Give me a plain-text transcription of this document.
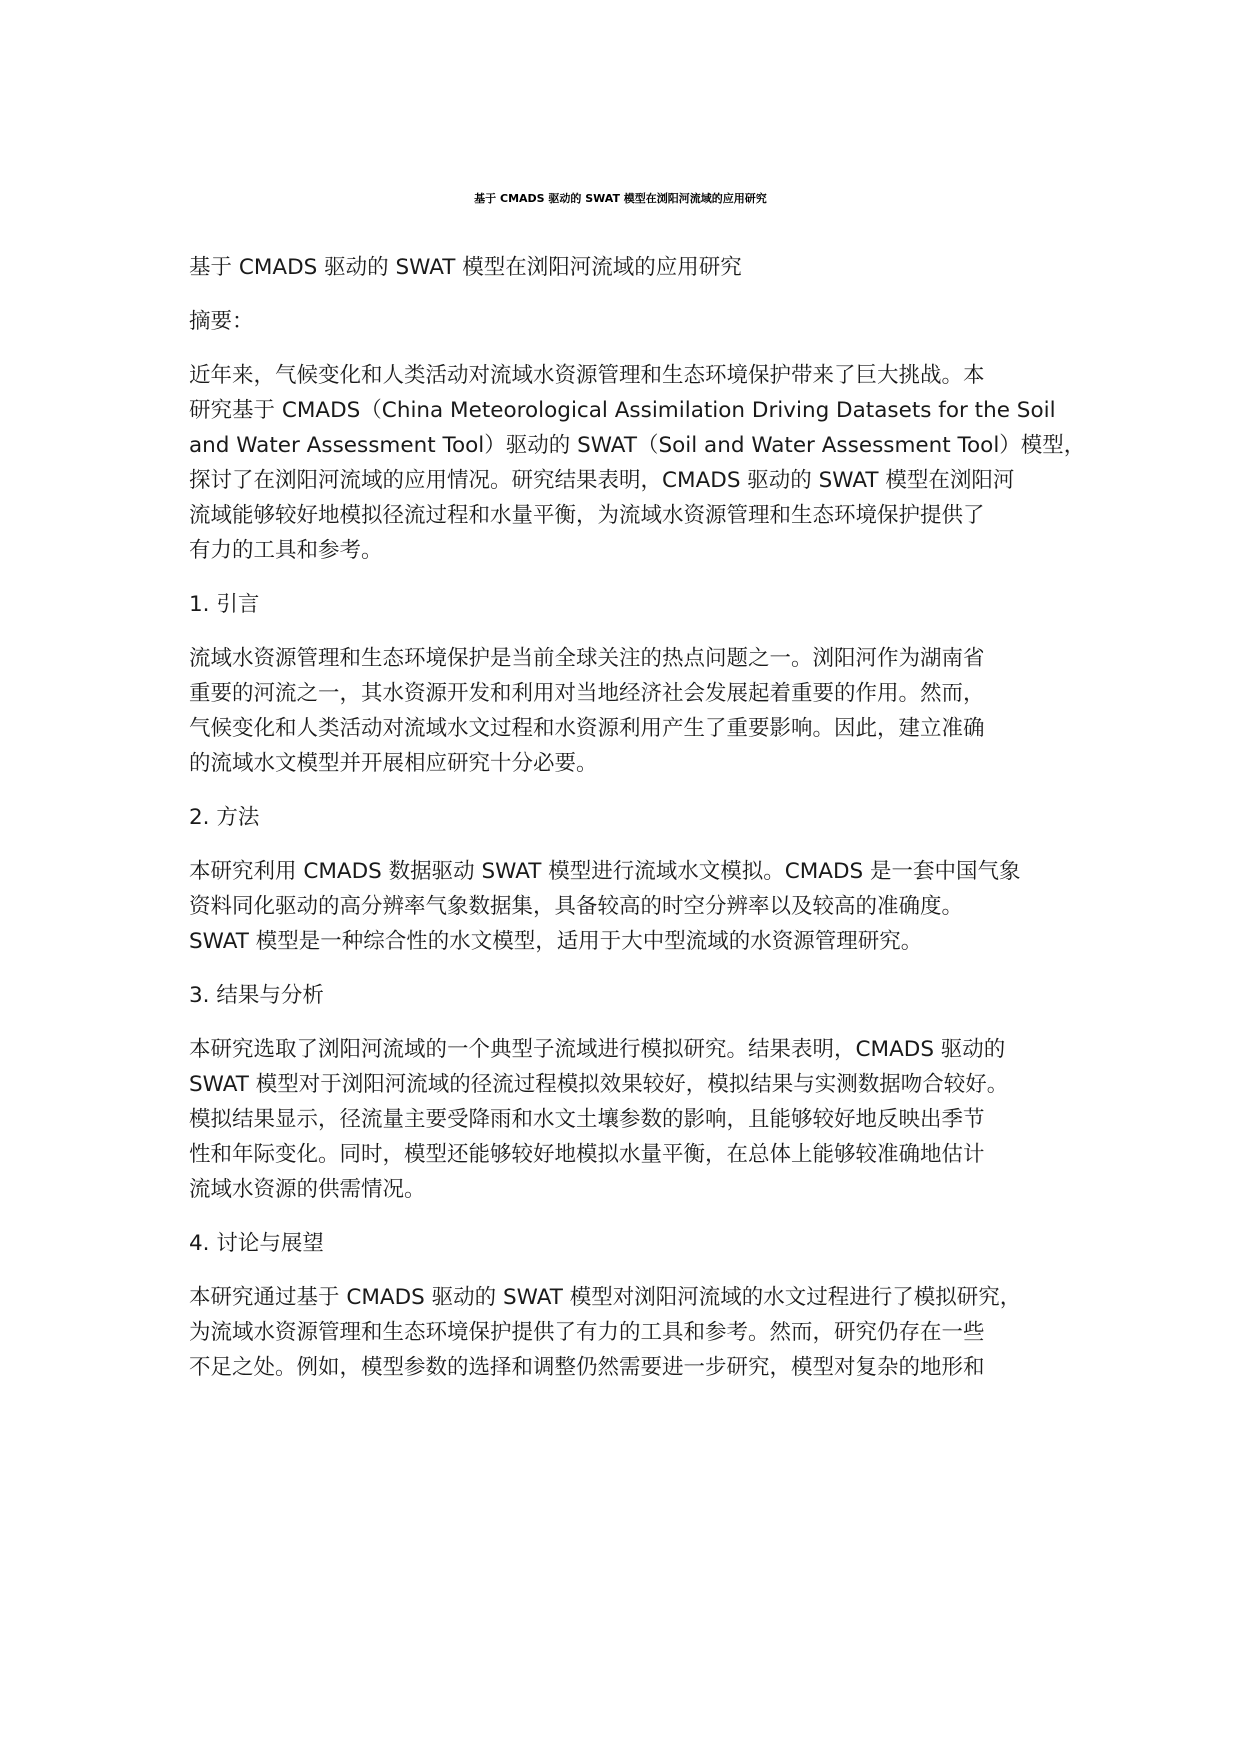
基于 CMADS 驱动的 SWAT 模型在浏阳河流域的应用研究
基于 CMADS 驱动的 SWAT 模型在浏阳河流域的应用研究
摘要：
近年来，气候变化和人类活动对流域水资源管理和生态环境保护带来了巨大挑战。本
研究基于 CMADS（China Meteorological Assimilation Driving Datasets for the Soil
and Water Assessment Tool）驱动的 SWAT（Soil and Water Assessment Tool）模型，
探讨了在浏阳河流域的应用情况。研究结果表明，CMADS 驱动的 SWAT 模型在浏阳河
流域能够较好地模拟径流过程和水量平衡，为流域水资源管理和生态环境保护提供了
有力的工具和参考。
1. 引言
流域水资源管理和生态环境保护是当前全球关注的热点问题之一。浏阳河作为湖南省
重要的河流之一，其水资源开发和利用对当地经济社会发展起着重要的作用。然而，
气候变化和人类活动对流域水文过程和水资源利用产生了重要影响。因此，建立准确
的流域水文模型并开展相应研究十分必要。
2. 方法
本研究利用 CMADS 数据驱动 SWAT 模型进行流域水文模拟。CMADS 是一套中国气象
资料同化驱动的高分辨率气象数据集，具备较高的时空分辨率以及较高的准确度。
SWAT 模型是一种综合性的水文模型，适用于大中型流域的水资源管理研究。
3. 结果与分析
本研究选取了浏阳河流域的一个典型子流域进行模拟研究。结果表明，CMADS 驱动的
SWAT 模型对于浏阳河流域的径流过程模拟效果较好，模拟结果与实测数据吻合较好。
模拟结果显示，径流量主要受降雨和水文土壤参数的影响，且能够较好地反映出季节
性和年际变化。同时，模型还能够较好地模拟水量平衡，在总体上能够较准确地估计
流域水资源的供需情况。
4. 讨论与展望
本研究通过基于 CMADS 驱动的 SWAT 模型对浏阳河流域的水文过程进行了模拟研究，
为流域水资源管理和生态环境保护提供了有力的工具和参考。然而，研究仍存在一些
不足之处。例如，模型参数的选择和调整仍然需要进一步研究，模型对复杂的地形和
